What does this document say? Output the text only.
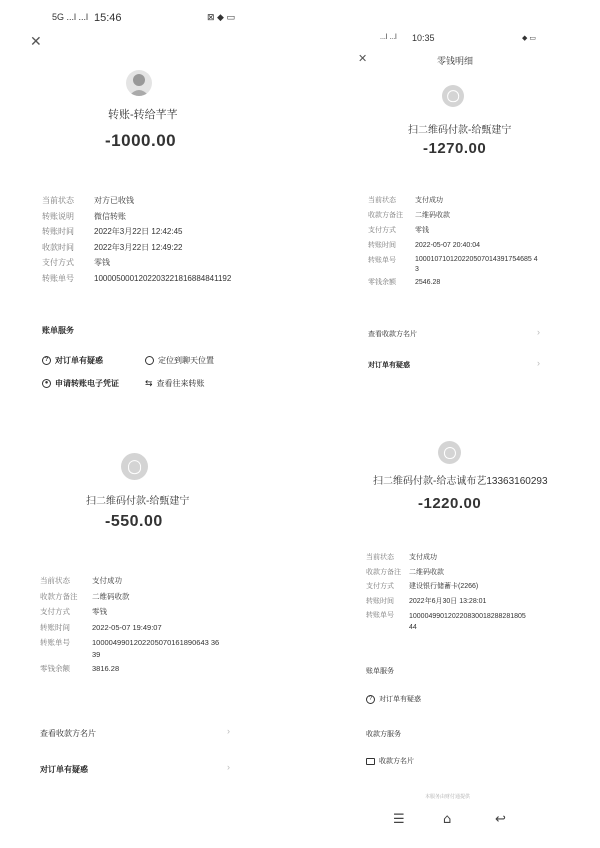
5G ...l ...l 15:46	⊠ ◆ ▭
✕
转账-转给芊芊
-1000.00
当前状态	对方已收钱
转账说明	微信转账
转账时间	2022年3月22日 12:42:45
收款时间	2022年3月22日 12:49:22
支付方式	零钱
转账单号	1000050001202203221816884841192
账单服务
? 对订单有疑惑	定位到聊天位置
● 申请转账电子凭证	⇆ 查看往来转账
...l ...l 10:35	◆ ▭
✕	零钱明细
扫二维码付款-给甄建宁
-1270.00
当前状态	支付成功
收款方备注	二维码收款
支付方式	零钱
转账时间	2022-05-07 20:40:04
转账单号	100010710120220507014391754685 4
3
零钱余额	2546.28
查看收款方名片	›
对订单有疑惑	›
扫二维码付款-给甄建宁
-550.00
当前状态	支付成功
收款方备注	二维码收款
支付方式	零钱
转账时间	2022-05-07 19:49:07
转账单号	1000049901202205070161890643 36
39
零钱余额	3816.28
查看收款方名片	›
对订单有疑惑	›
扫二维码付款-给志诚布艺13363160293
-1220.00
当前状态	支付成功
收款方备注	二维码收款
支付方式	建设银行储蓄卡(2266)
转账时间	2022年6月30日 13:28:01
转账单号	100004990120220830018288281805
44
账单服务
? 对订单有疑惑
收款方服务
收款方名片
本服务由财付通提供
☰	⌂	↩
